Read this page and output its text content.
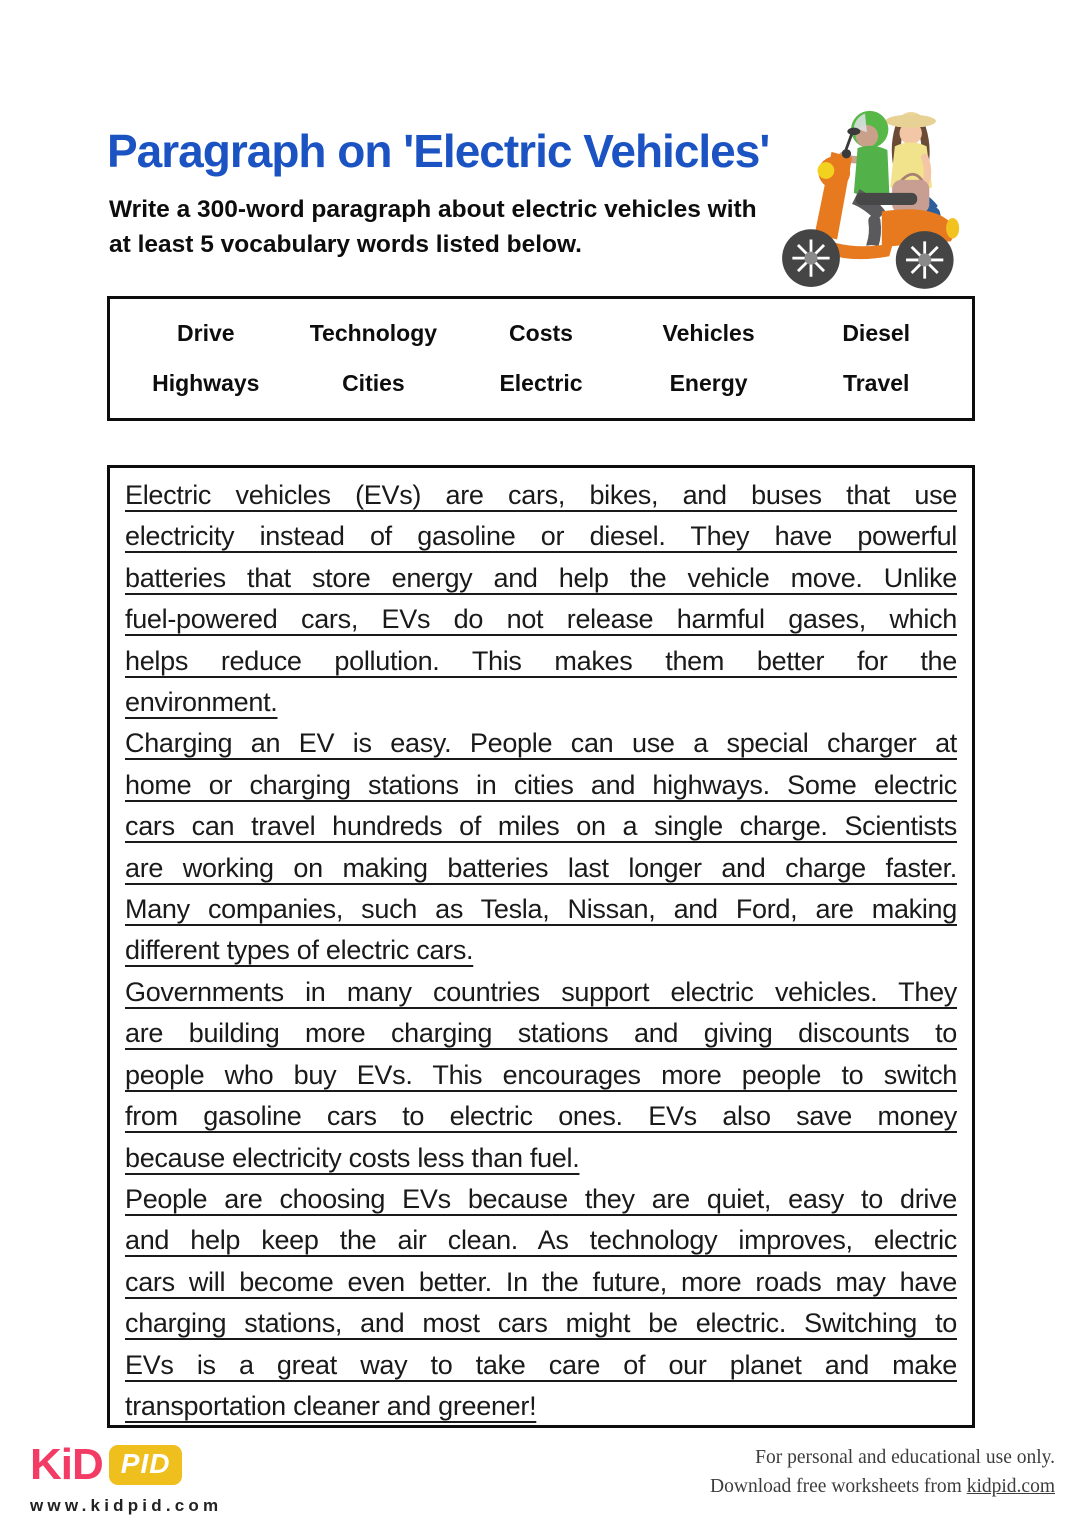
Paragraph on 'Electric Vehicles'
Write a 300-word paragraph about electric vehicles with at least 5 vocabulary words listed below.
Drive	Technology	Costs	Vehicles	Diesel
Highways	Cities	Electric	Energy	Travel
Electric vehicles (EVs) are cars, bikes, and buses that use
electricity instead of gasoline or diesel. They have powerful
batteries that store energy and help the vehicle move. Unlike
fuel-powered cars, EVs do not release harmful gases, which
helps reduce pollution. This makes them better for the
environment.
Charging an EV is easy. People can use a special charger at
home or charging stations in cities and highways. Some electric
cars can travel hundreds of miles on a single charge. Scientists
are working on making batteries last longer and charge faster.
Many companies, such as Tesla, Nissan, and Ford, are making
different types of electric cars.
Governments in many countries support electric vehicles. They
are building more charging stations and giving discounts to
people who buy EVs. This encourages more people to switch
from gasoline cars to electric ones. EVs also save money
because electricity costs less than fuel.
People are choosing EVs because they are quiet, easy to drive
and help keep the air clean. As technology improves, electric
cars will become even better. In the future, more roads may have
charging stations, and most cars might be electric. Switching to
EVs is a great way to take care of our planet and make
transportation cleaner and greener!
KiD PID
www.kidpid.com
For personal and educational use only.
Download free worksheets from kidpid.com
